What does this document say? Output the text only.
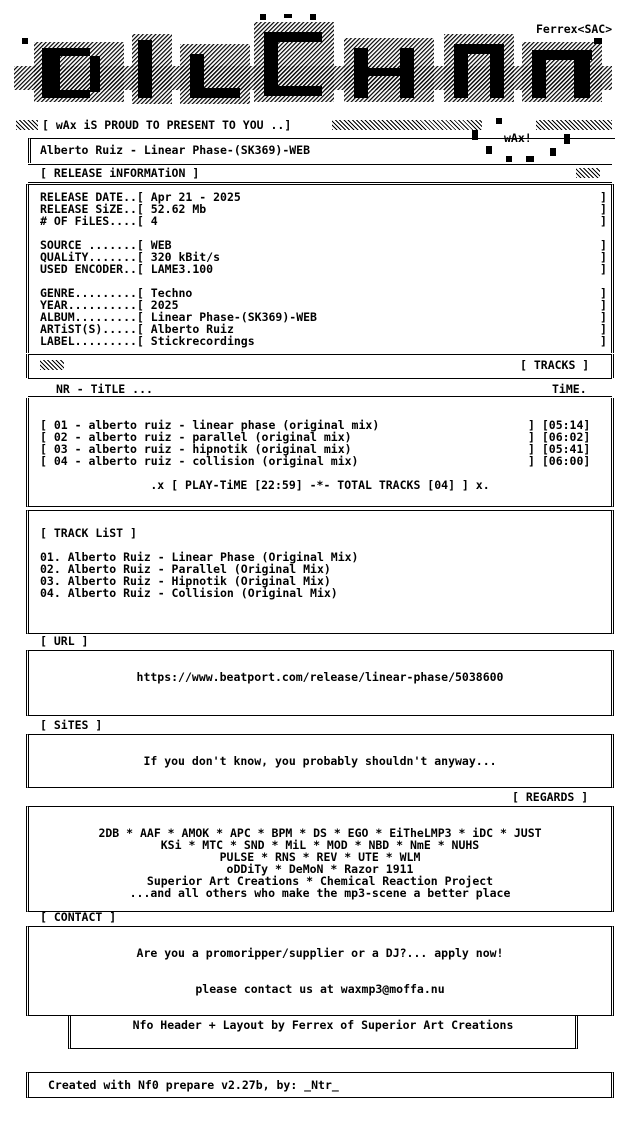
Ferrex<SAC>
[ wAx iS PROUD TO PRESENT TO YOU ..]
wAx!
Alberto Ruiz - Linear Phase-(SK369)-WEB
[ RELEASE iNFORMATiON ]
RELEASE DATE..[ Apr 21 - 2025
RELEASE SiZE..[ 52.62 Mb
# OF FiLES....[ 4
SOURCE .......[ WEB
QUALiTY.......[ 320 kBit/s
USED ENCODER..[ LAME3.100
GENRE.........[ Techno
YEAR..........[ 2025
ALBUM.........[ Linear Phase-(SK369)-WEB
ARTiST(S).....[ Alberto Ruiz
LABEL.........[ Stickrecordings
]
]
]
]
]
]
]
]
]
]
]
[ TRACKS ]
NR - TiTLE ...	TiME.
[ 01 - alberto ruiz - linear phase (original mix)	] [05:14]
[ 02 - alberto ruiz - parallel (original mix)	] [06:02]
[ 03 - alberto ruiz - hipnotik (original mix)	] [05:41]
[ 04 - alberto ruiz - collision (original mix)	] [06:00]
.x [ PLAY-TiME [22:59] -*- TOTAL TRACKS [04] ] x.
[ TRACK LiST ]
01. Alberto Ruiz - Linear Phase (Original Mix)
02. Alberto Ruiz - Parallel (Original Mix)
03. Alberto Ruiz - Hipnotik (Original Mix)
04. Alberto Ruiz - Collision (Original Mix)
[ URL ]
https://www.beatport.com/release/linear-phase/5038600
[ SiTES ]
If you don't know, you probably shouldn't anyway...
[ REGARDS ]
2DB * AAF * AMOK * APC * BPM * DS * EGO * EiTheLMP3 * iDC * JUST
KSi * MTC * SND * MiL * MOD * NBD * NmE * NUHS
PULSE * RNS * REV * UTE * WLM
oDDiTy * DeMoN * Razor 1911
Superior Art Creations * Chemical Reaction Project
...and all others who make the mp3-scene a better place
[ CONTACT ]
Are you a promoripper/supplier or a DJ?... apply now!
please contact us at waxmp3@moffa.nu
Nfo Header + Layout by Ferrex of Superior Art Creations
Created with Nf0 prepare v2.27b, by: _Ntr_
